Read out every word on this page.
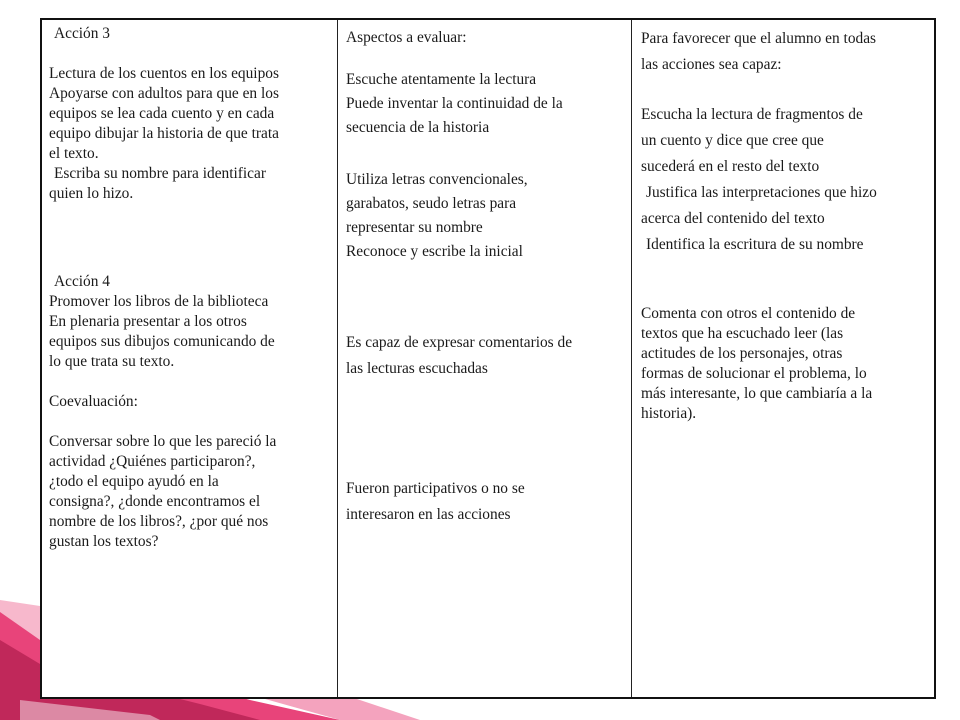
Acción 3
Lectura de los cuentos en los equipos
Apoyarse con adultos para que en los
equipos se lea cada cuento y en cada
equipo dibujar la historia de que trata
el texto.
Escriba su nombre para identificar
quien lo hizo.
Acción 4
Promover los libros de la biblioteca
En plenaria presentar a los otros
equipos sus dibujos comunicando de
lo que trata su texto.
Coevaluación:
Conversar sobre lo que les pareció la
actividad ¿Quiénes participaron?,
¿todo el equipo ayudó en la
consigna?, ¿donde encontramos el
nombre de los libros?, ¿por qué nos
gustan los textos?
Aspectos a evaluar:
Escuche atentamente la lectura
Puede inventar la continuidad de la
secuencia de la historia
Utiliza letras convencionales,
garabatos, seudo letras para
representar su nombre
Reconoce y escribe la inicial
Es capaz de expresar comentarios de
las lecturas escuchadas
Fueron participativos o no se
interesaron en las acciones
Para favorecer que el alumno en todas
las acciones sea capaz:
Escucha la lectura de fragmentos de
un cuento y dice que cree que
sucederá en el resto del texto
Justifica las interpretaciones que hizo
acerca del contenido del texto
Identifica la escritura de su nombre
Comenta con otros el contenido de
textos que ha escuchado leer (las
actitudes de los personajes, otras
formas de solucionar el problema, lo
más interesante, lo que cambiaría a la
historia).
